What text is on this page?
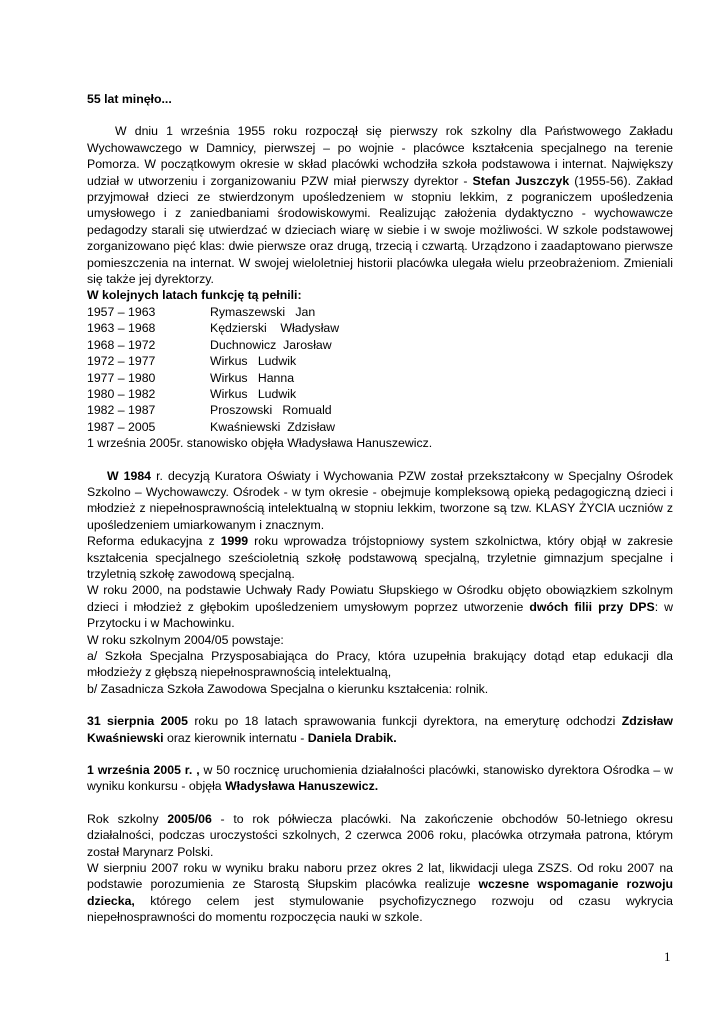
55 lat minęło...

W dniu 1 września 1955 roku rozpoczął się pierwszy rok szkolny dla Państwowego Zakładu Wychowawczego w Damnicy, pierwszej – po wojnie - placówce kształcenia specjalnego na terenie Pomorza. W początkowym okresie w skład placówki wchodziła szkoła podstawowa i internat. Największy udział w utworzeniu i zorganizowaniu PZW miał pierwszy dyrektor - Stefan Juszczyk (1955-56). Zakład przyjmował dzieci ze stwierdzonym upośledzeniem w stopniu lekkim, z pograniczem upośledzenia umysłowego i z zaniedbaniami środowiskowymi. Realizując założenia dydaktyczno - wychowawcze pedagodzy starali się utwierdzać w dzieciach wiarę w siebie i w swoje możliwości. W szkole podstawowej zorganizowano pięć klas: dwie pierwsze oraz drugą, trzecią i czwartą. Urządzono i zaadaptowano pierwsze pomieszczenia na internat. W swojej wieloletniej historii placówka ulegała wielu przeobrażeniom. Zmieniali się także jej dyrektorzy.

W kolejnych latach funkcję tą pełnili:

1957 – 1963	Rymaszewski   Jan
1963 – 1968	Kędzierski    Władysław
1968 – 1972	Duchnowicz  Jarosław
1972 – 1977	Wirkus   Ludwik
1977 – 1980	Wirkus   Hanna
1980 – 1982	Wirkus   Ludwik
1982 – 1987	Proszowski   Romuald
1987 – 2005	Kwaśniewski  Zdzisław

1 września 2005r. stanowisko objęła Władysława Hanuszewicz.

W 1984 r. decyzją Kuratora Oświaty i Wychowania PZW został przekształcony w Specjalny Ośrodek Szkolno – Wychowawczy. Ośrodek - w tym okresie - obejmuje kompleksową opieką pedagogiczną dzieci i młodzież z niepełnosprawnością intelektualną w stopniu lekkim, tworzone są tzw. KLASY ŻYCIA uczniów z upośledzeniem umiarkowanym i znacznym.

Reforma edukacyjna z 1999 roku wprowadza trójstopniowy system szkolnictwa, który objął w zakresie kształcenia specjalnego sześcioletnią szkołę podstawową specjalną, trzyletnie gimnazjum specjalne i trzyletnią szkołę zawodową specjalną.

W roku 2000, na podstawie Uchwały Rady Powiatu Słupskiego w Ośrodku objęto obowiązkiem szkolnym dzieci i młodzież z głębokim upośledzeniem umysłowym poprzez utworzenie dwóch filii przy DPS: w Przytocku i w Machowinku.

W roku szkolnym 2004/05 powstaje:

a/ Szkoła Specjalna Przysposabiająca do Pracy, która uzupełnia brakujący dotąd etap edukacji dla młodzieży z głębszą niepełnosprawnością intelektualną,

b/ Zasadnicza Szkoła Zawodowa Specjalna o kierunku kształcenia: rolnik.

31 sierpnia 2005 roku po 18 latach sprawowania funkcji dyrektora, na emeryturę odchodzi Zdzisław Kwaśniewski oraz kierownik internatu - Daniela Drabik.

1 września 2005 r. , w 50 rocznicę uruchomienia działalności placówki, stanowisko dyrektora Ośrodka – w wyniku konkursu - objęła Władysława Hanuszewicz.

Rok szkolny 2005/06 - to rok półwiecza placówki. Na zakończenie obchodów 50-letniego okresu działalności, podczas uroczystości szkolnych, 2 czerwca 2006 roku, placówka otrzymała patrona, którym został Marynarz Polski.

W sierpniu 2007 roku w wyniku braku naboru przez okres 2 lat, likwidacji ulega ZSZS. Od roku 2007 na podstawie porozumienia ze Starostą Słupskim placówka realizuje wczesne wspomaganie rozwoju dziecka, którego celem jest stymulowanie psychofizycznego rozwoju od czasu wykrycia niepełnosprawności do momentu rozpoczęcia nauki w szkole.

1
